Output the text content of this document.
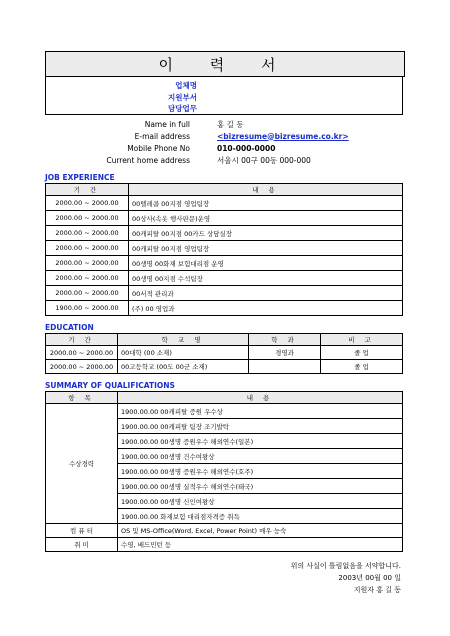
이 력 서
업체명
지원부서
담당업무
Name in full	홍 길 동
E-mail address	<bizresume@bizresume.co.kr>
Mobile Phone No	010-000-0000
Current home address	서울시 00구 00동 000-000
JOB EXPERIENCE
기 간	내 용
2000.00 ~ 2000.00	00텔레콤 00지점 영업팀장
2000.00 ~ 2000.00	00상사(속옷 행사판문)운영
2000.00 ~ 2000.00	00캐피탈 00지점 00카드 상담실장
2000.00 ~ 2000.00	00캐피탈 00지점 영업팀장
2000.00 ~ 2000.00	00생명 00화재 보험대리점 운영
2000.00 ~ 2000.00	00생명 00지점 수석팀장
2000.00 ~ 2000.00	00서적 관리과
1900.00 ~ 2000.00	(주) 00 영업과
EDUCATION
기 간	학 교 명	학 과	비 고
2000.00 ~ 2000.00	00대학 (00 소재)	경영과	졸 업
2000.00 ~ 2000.00	00고등학교 (00도 00군 소재)		졸 업
SUMMARY OF QUALIFICATIONS
항 목	내 용
수상경력	1900.00.00 00캐피탈 증원 우수상
	1900.00.00 00캐피탈 팀장 조기발탁
	1900.00.00 00생명 증원우수 해외연수(일본)
	1900.00.00 00생명 건수여왕상
	1900.00.00 00생명 증원우수 해외연수(호주)
	1900.00.00 00생명 실적우수 해외연수(태국)
	1900.00.00 00생명 신인여왕상
	1900.00.00 화재보험 대리점자격증 취득
컴 퓨 터	OS 및 MS-Office(Word, Excel, Power Point) 매우 능숙
취 미	수영, 배드민턴 등
위의 사실이 틀림없음을 서약합니다.
2003년 00월 00 일
지원자 홍 길 동
